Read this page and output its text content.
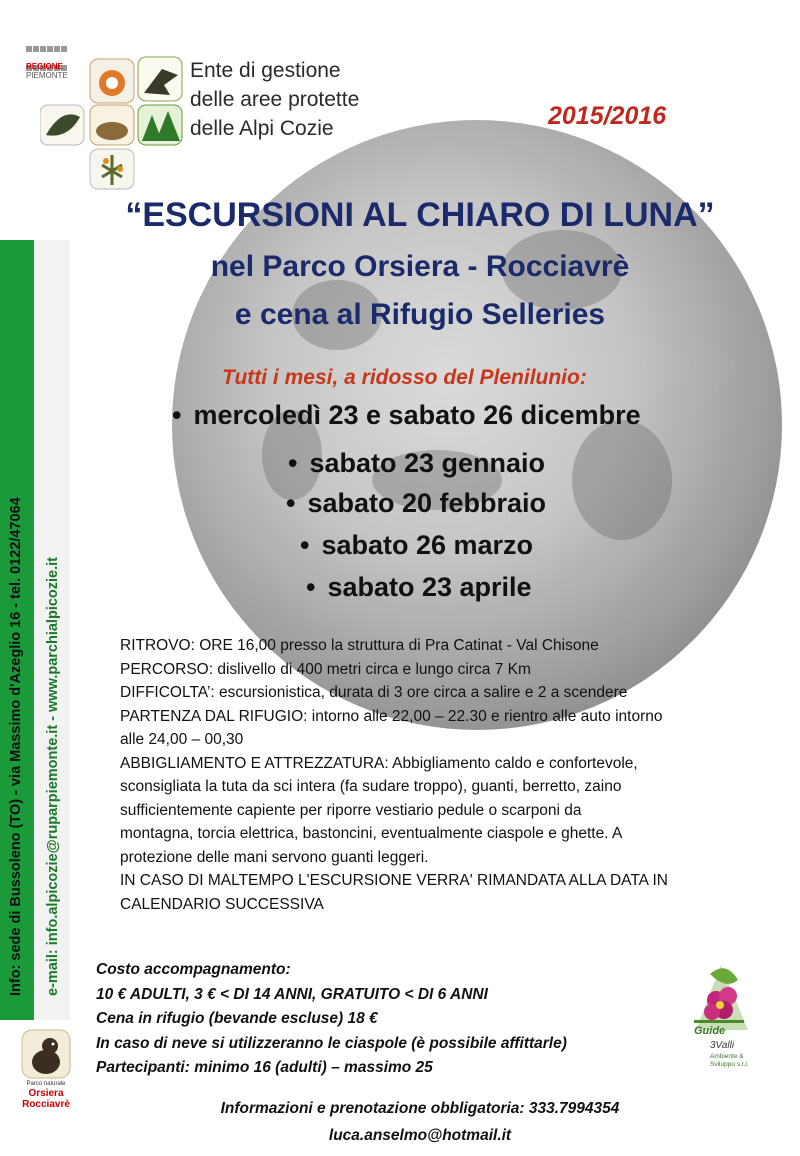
REGIONE
PIEMONTE	Ente di gestione
delle aree protette
delle Alpi Cozie	2015/2016
“ESCURSIONI AL CHIARO DI LUNA”
nel Parco Orsiera - Rocciavrè
e cena al Rifugio Selleries
Tutti i mesi, a ridosso del Plenilunio:
• mercoledì 23 e sabato 26 dicembre
• sabato 23 gennaio
• sabato 20 febbraio
• sabato 26 marzo
• sabato 23 aprile

RITROVO: ORE 16,00 presso la struttura di Pra Catinat - Val Chisone

PERCORSO: dislivello di 400 metri circa e lungo circa 7 Km

DIFFICOLTA’: escursionistica, durata di 3 ore circa a salire e 2 a scendere

PARTENZA DAL RIFUGIO: intorno alle 22,00 – 22.30 e rientro alle auto intorno

alle 24,00 – 00,30

ABBIGLIAMENTO E ATTREZZATURA: Abbigliamento caldo e confortevole,

sconsigliata la tuta da sci intera (fa sudare troppo), guanti, berretto, zaino

sufficientemente capiente per riporre vestiario pedule o scarponi da

montagna, torcia elettrica, bastoncini, eventualmente ciaspole e ghette. A

protezione delle mani servono guanti leggeri.

IN CASO DI MALTEMPO L'ESCURSIONE VERRA' RIMANDATA ALLA DATA IN

CALENDARIO SUCCESSIVA

Costo accompagnamento:

10 € ADULTI, 3 € < DI 14 ANNI, GRATUITO < DI 6 ANNI

Cena in rifugio (bevande escluse) 18 €

In caso di neve si utilizzeranno le ciaspole (è possibile affittarle)

Partecipanti: minimo 16 (adulti) – massimo 25

Informazioni e prenotazione obbligatoria: 333.7994354

luca.anselmo@hotmail.it

Info: sede di Bussoleno (TO) - via Massimo d'Azeglio 16 - tel. 0122/47064 e-mail: info.alpicozie@ruparpiemonte.it - www.parchialpicozie.it
Parco naturale
Orsiera Rocciavrè
Guide
3Valli
Ambiente &
Sviluppo s.r.l.
